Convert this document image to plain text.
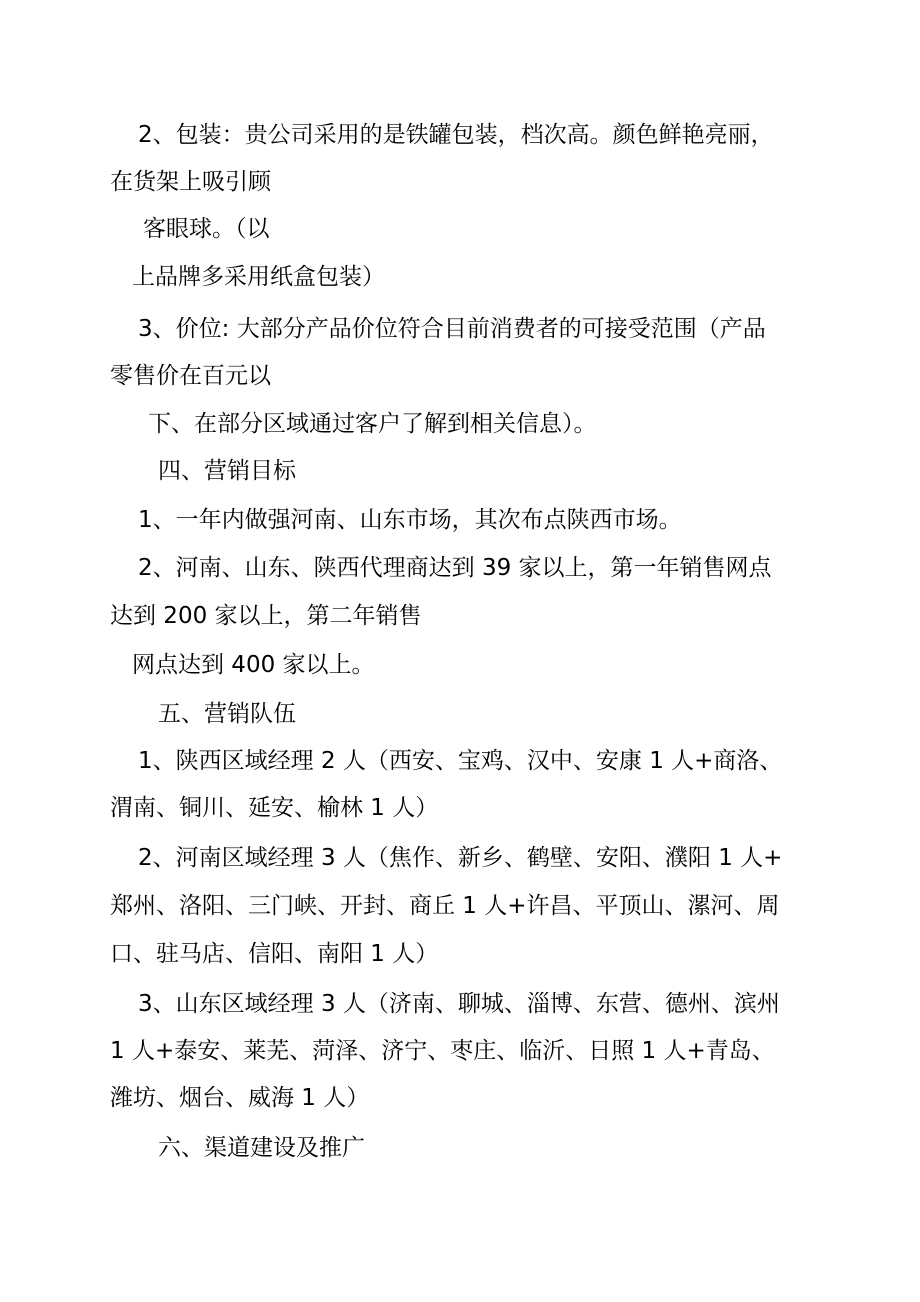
2、包装：贵公司采用的是铁罐包装，档次高。颜色鲜艳亮丽，
在货架上吸引顾
客眼球。（以
上品牌多采用纸盒包装）
3、价位: 大部分产品价位符合目前消费者的可接受范围（产品
零售价在百元以
下、在部分区域通过客户了解到相关信息）。
四、营销目标
1、一年内做强河南、山东市场，其次布点陕西市场。
2、河南、山东、陕西代理商达到 39 家以上，第一年销售网点
达到 200 家以上，第二年销售
网点达到 400 家以上。
五、营销队伍
1、陕西区域经理 2 人（西安、宝鸡、汉中、安康 1 人+商洛、
渭南、铜川、延安、榆林 1 人）
2、河南区域经理 3 人（焦作、新乡、鹤壁、安阳、濮阳 1 人+
郑州、洛阳、三门峡、开封、商丘 1 人+许昌、平顶山、漯河、周
口、驻马店、信阳、南阳 1 人）
3、山东区域经理 3 人（济南、聊城、淄博、东营、德州、滨州
1 人+泰安、莱芜、菏泽、济宁、枣庄、临沂、日照 1 人+青岛、
潍坊、烟台、威海 1 人）
六、渠道建设及推广
